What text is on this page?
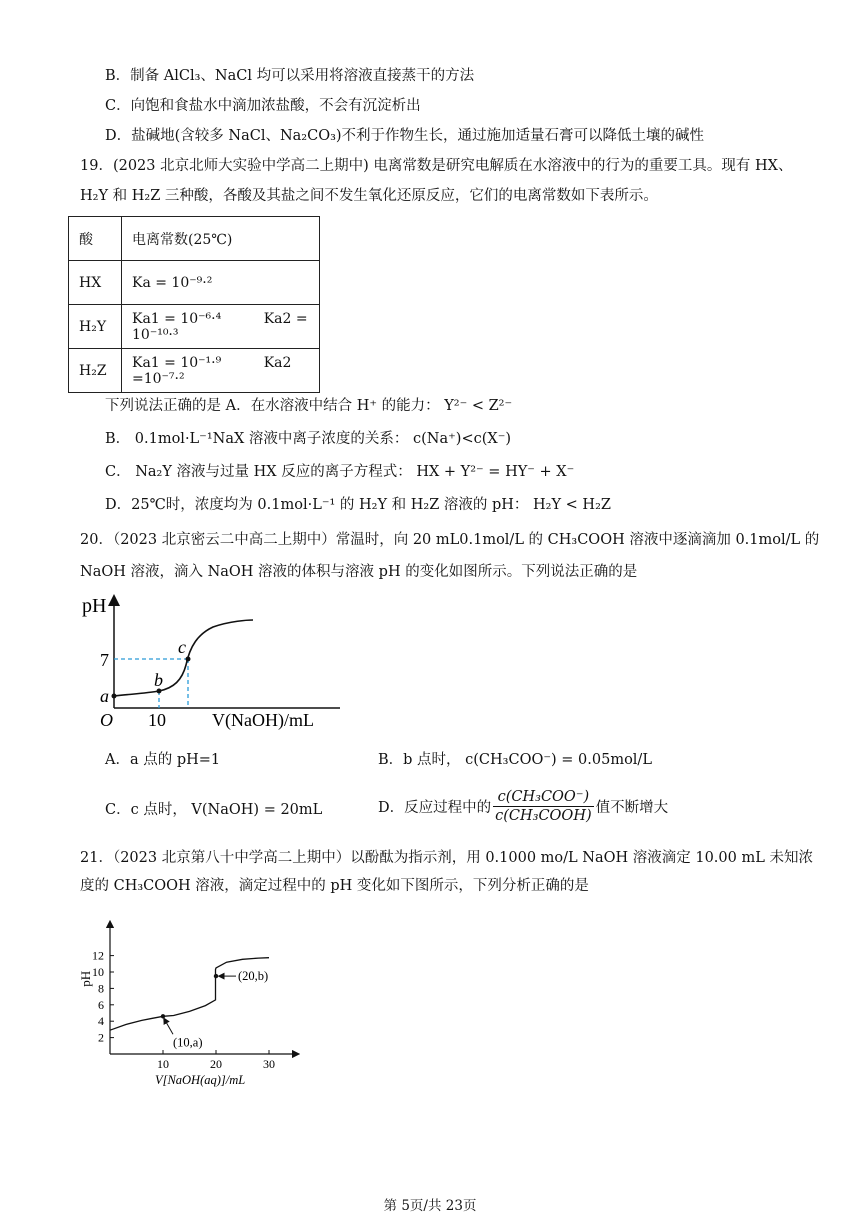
B．制备 AlCl₃、NaCl 均可以采用将溶液直接蒸干的方法
C．向饱和食盐水中滴加浓盐酸，不会有沉淀析出
D．盐碱地(含较多 NaCl、Na₂CO₃)不利于作物生长，通过施加适量石膏可以降低土壤的碱性
19．(2023 北京北师大实验中学高二上期中) 电离常数是研究电解质在水溶液中的行为的重要工具。现有 HX、
H₂Y 和 H₂Z 三种酸，各酸及其盐之间不发生氧化还原反应，它们的电离常数如下表所示。
酸	电离常数(25℃)
HX	Ka = 10⁻⁹·²
H₂Y	Ka1 = 10⁻⁶·⁴ Ka2 = 10⁻¹⁰·³
H₂Z	Ka1 = 10⁻¹·⁹ Ka2 =10⁻⁷·²
下列说法正确的是 A．在水溶液中结合 H⁺ 的能力： Y²⁻ < Z²⁻
B． 0.1mol·L⁻¹NaX 溶液中离子浓度的关系： c(Na⁺)<c(X⁻)
C． Na₂Y 溶液与过量 HX 反应的离子方程式： HX + Y²⁻ = HY⁻ + X⁻
D．25℃时，浓度均为 0.1mol·L⁻¹ 的 H₂Y 和 H₂Z 溶液的 pH： H₂Y < H₂Z
20．（2023 北京密云二中高二上期中）常温时，向 20 mL0.1mol/L 的 CH₃COOH 溶液中逐滴滴加 0.1mol/L 的
NaOH 溶液，滴入 NaOH 溶液的体积与溶液 pH 的变化如图所示。下列说法正确的是
pH
O
7
10	V(NaOH)/mL
a
b
c
A．a 点的 pH=1	B．b 点时， c(CH₃COO⁻) = 0.05mol/L
C．c 点时， V(NaOH) = 20mL	D．反应过程中的 $\frac{\text{c(CH₃COO⁻)}}{\text{c(CH₃COOH)}}$ 值不断增大
21．（2023 北京第八十中学高二上期中）以酚酞为指示剂，用 0.1000 mo/L NaOH 溶液滴定 10.00 mL 未知浓
度的 CH₃COOH 溶液，滴定过程中的 pH 变化如下图所示，下列分析正确的是
2
4
6
8
10
12
10	20	30
pH
V[NaOH(aq)]/mL
(10,a)
(20,b)
第 5页/共 23页
